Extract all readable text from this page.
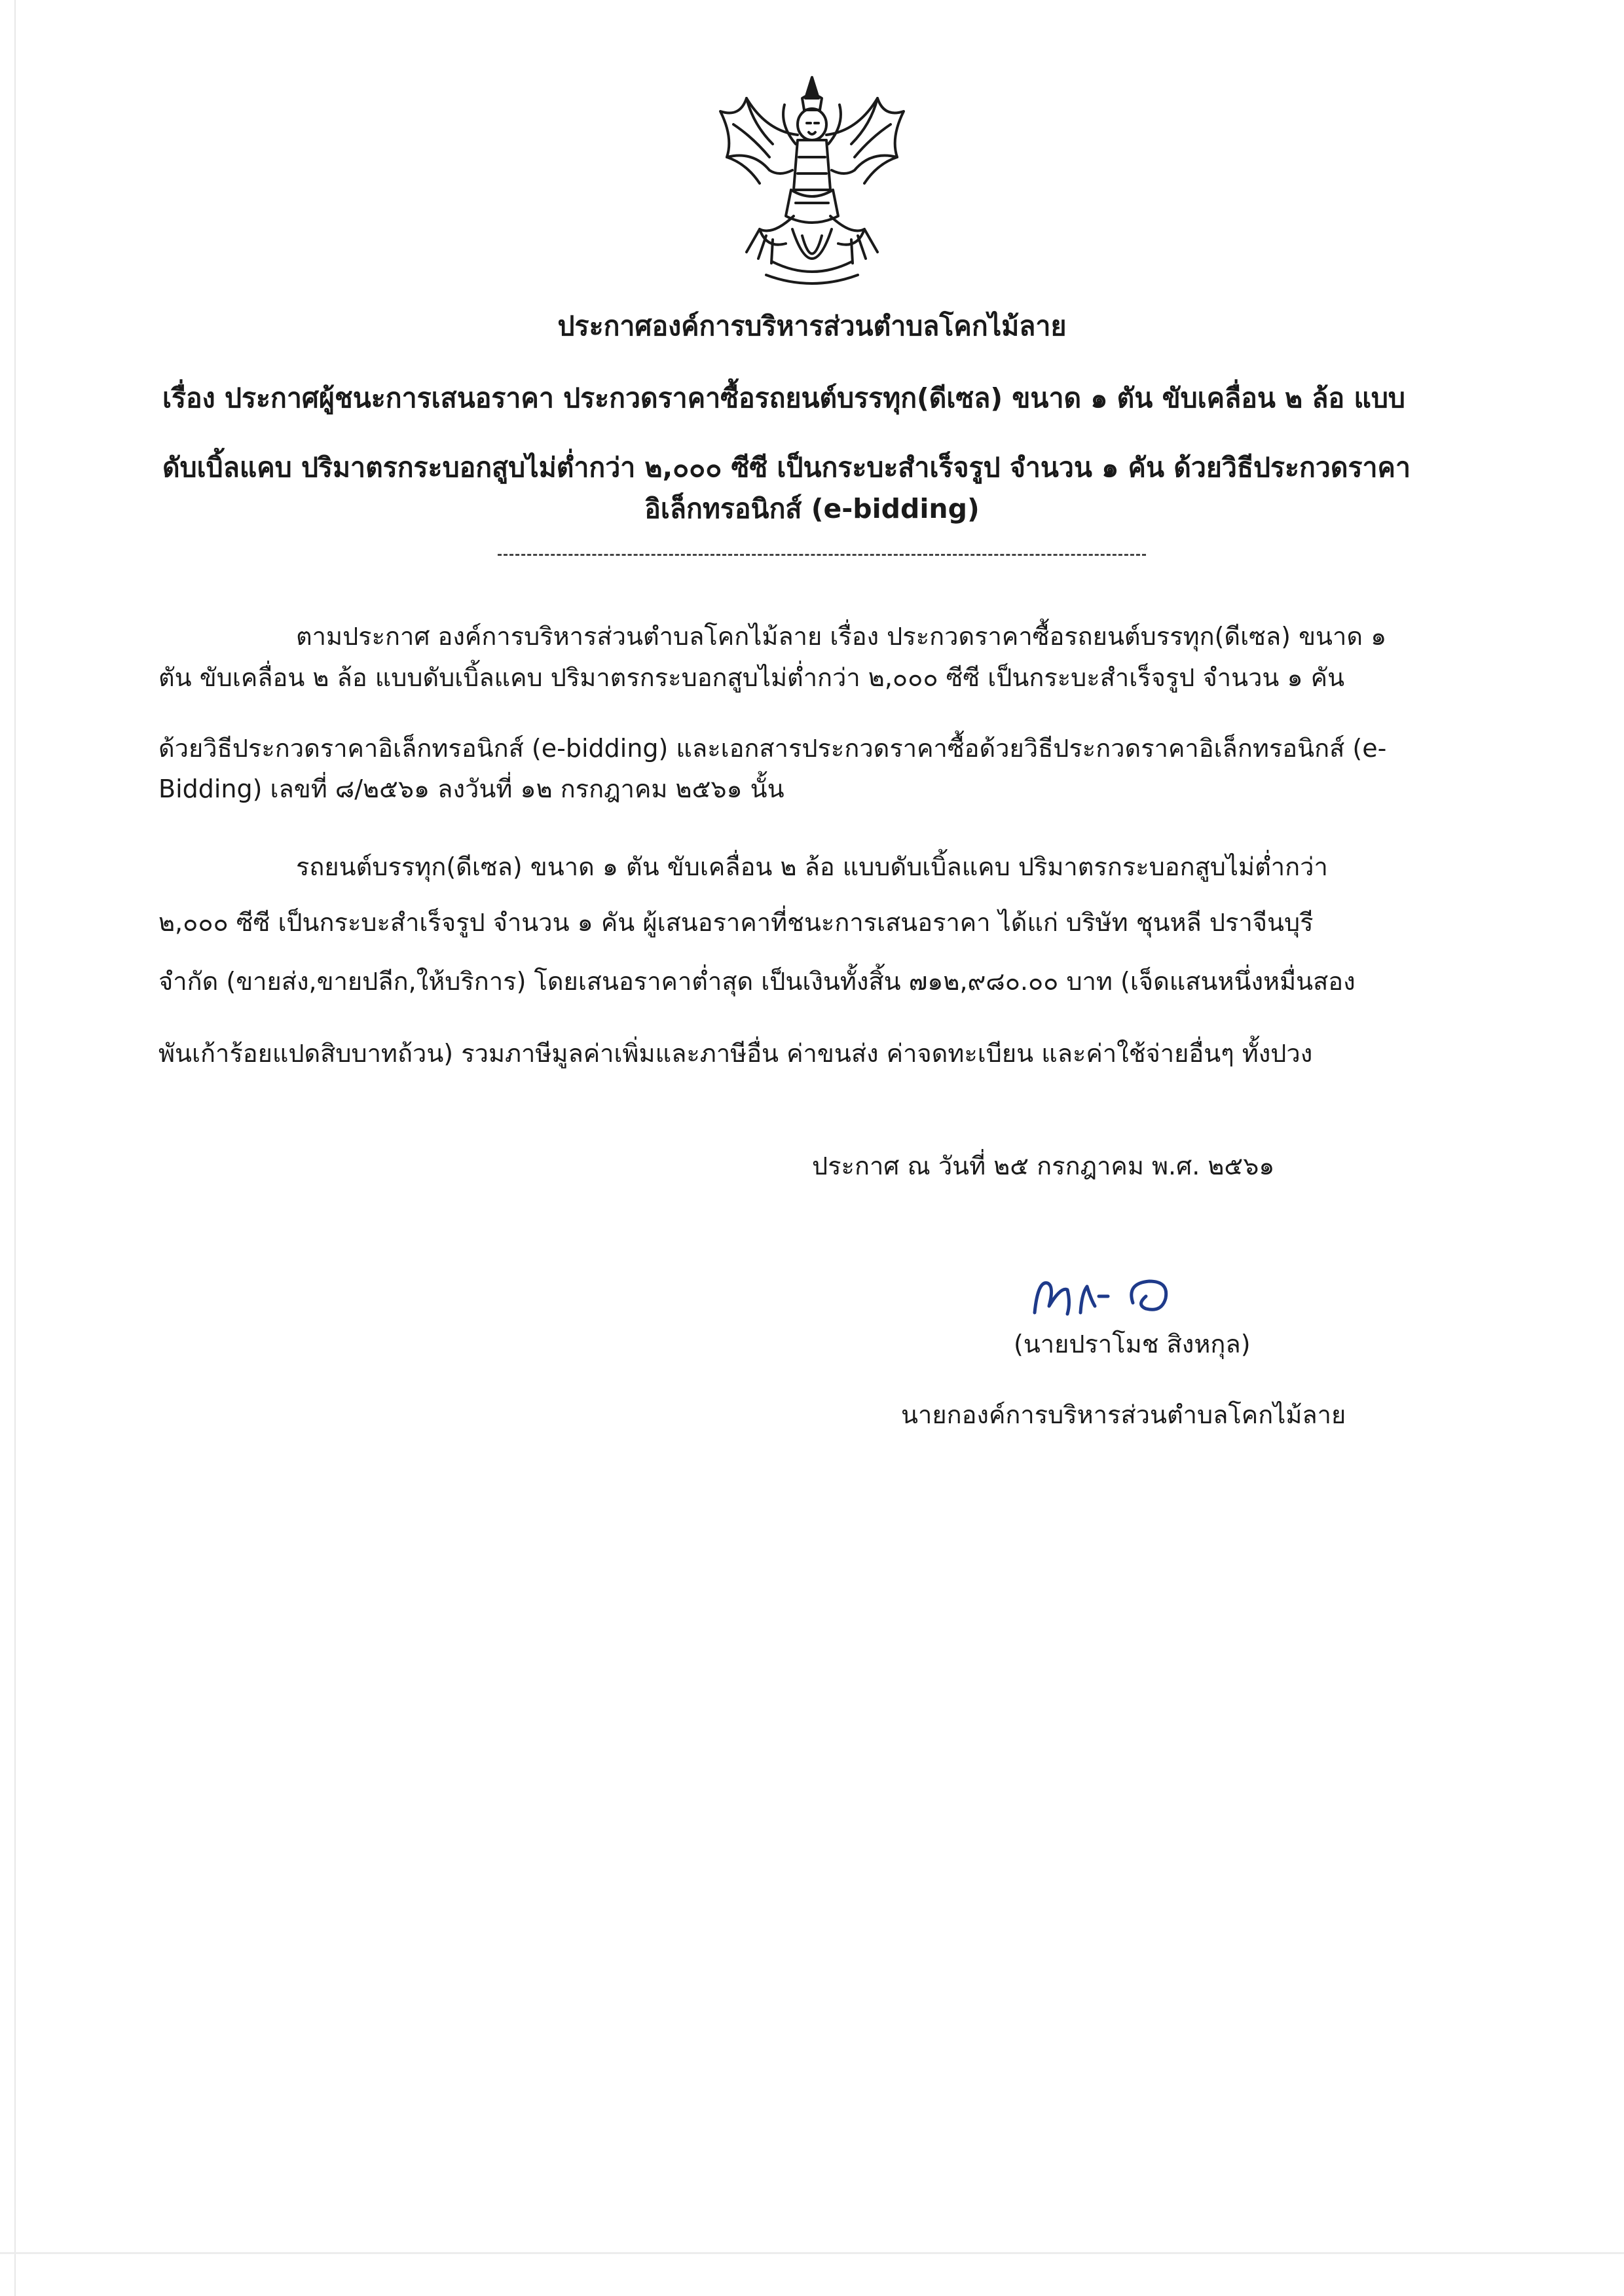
ประกาศองค์การบริหารส่วนตำบลโคกไม้ลาย
เรื่อง ประกาศผู้ชนะการเสนอราคา ประกวดราคาซื้อรถยนต์บรรทุก(ดีเซล) ขนาด ๑ ตัน ขับเคลื่อน ๒ ล้อ แบบ
ดับเบิ้ลแคบ ปริมาตรกระบอกสูบไม่ต่ำกว่า ๒,๐๐๐ ซีซี เป็นกระบะสำเร็จรูป จำนวน ๑ คัน ด้วยวิธีประกวดราคา
อิเล็กทรอนิกส์ (e-bidding)
ตามประกาศ องค์การบริหารส่วนตำบลโคกไม้ลาย เรื่อง ประกวดราคาซื้อรถยนต์บรรทุก(ดีเซล) ขนาด ๑
ตัน ขับเคลื่อน ๒ ล้อ แบบดับเบิ้ลแคบ ปริมาตรกระบอกสูบไม่ต่ำกว่า ๒,๐๐๐ ซีซี เป็นกระบะสำเร็จรูป จำนวน ๑ คัน
ด้วยวิธีประกวดราคาอิเล็กทรอนิกส์ (e-bidding) และเอกสารประกวดราคาซื้อด้วยวิธีประกวดราคาอิเล็กทรอนิกส์ (e-
Bidding) เลขที่ ๘/๒๕๖๑ ลงวันที่ ๑๒ กรกฎาคม ๒๕๖๑ นั้น
รถยนต์บรรทุก(ดีเซล) ขนาด ๑ ตัน ขับเคลื่อน ๒ ล้อ แบบดับเบิ้ลแคบ ปริมาตรกระบอกสูบไม่ต่ำกว่า
๒,๐๐๐ ซีซี เป็นกระบะสำเร็จรูป จำนวน ๑ คัน ผู้เสนอราคาที่ชนะการเสนอราคา ได้แก่ บริษัท ชุนหลี ปราจีนบุรี
จำกัด (ขายส่ง,ขายปลีก,ให้บริการ) โดยเสนอราคาต่ำสุด เป็นเงินทั้งสิ้น ๗๑๒,๙๘๐.๐๐ บาท (เจ็ดแสนหนึ่งหมื่นสอง
พันเก้าร้อยแปดสิบบาทถ้วน) รวมภาษีมูลค่าเพิ่มและภาษีอื่น ค่าขนส่ง ค่าจดทะเบียน และค่าใช้จ่ายอื่นๆ ทั้งปวง
ประกาศ ณ วันที่ ๒๕ กรกฎาคม พ.ศ. ๒๕๖๑
(นายปราโมช สิงหกุล)
นายกองค์การบริหารส่วนตำบลโคกไม้ลาย
